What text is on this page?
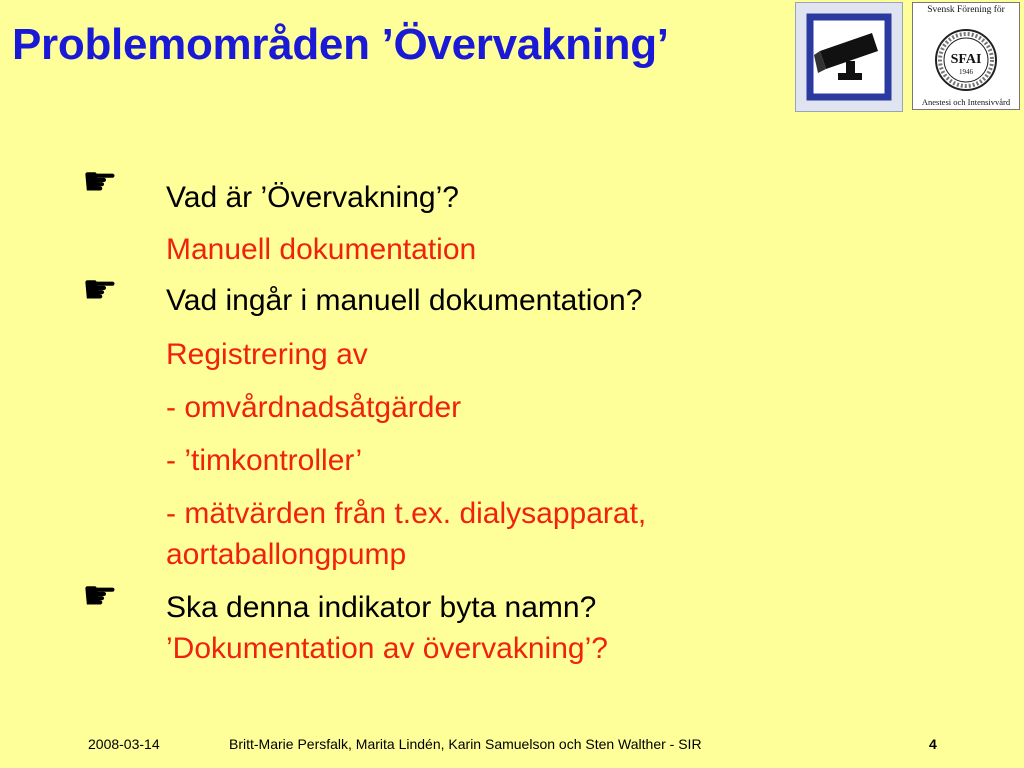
Problemområden ’Övervakning’
Svensk Förening för
SFAI
1946
Anestesi och Intensivvård
☛ Vad är ’Övervakning’?
Manuell dokumentation
☛ Vad ingår i manuell dokumentation?
Registrering av
- omvårdnadsåtgärder
- ’timkontroller’
- mätvärden från t.ex. dialysapparat,
aortaballongpump
☛ Ska denna indikator byta namn?
’Dokumentation av övervakning’?
2008-03-14	Britt-Marie Persfalk, Marita Lindén, Karin Samuelson och Sten Walther - SIR	4
